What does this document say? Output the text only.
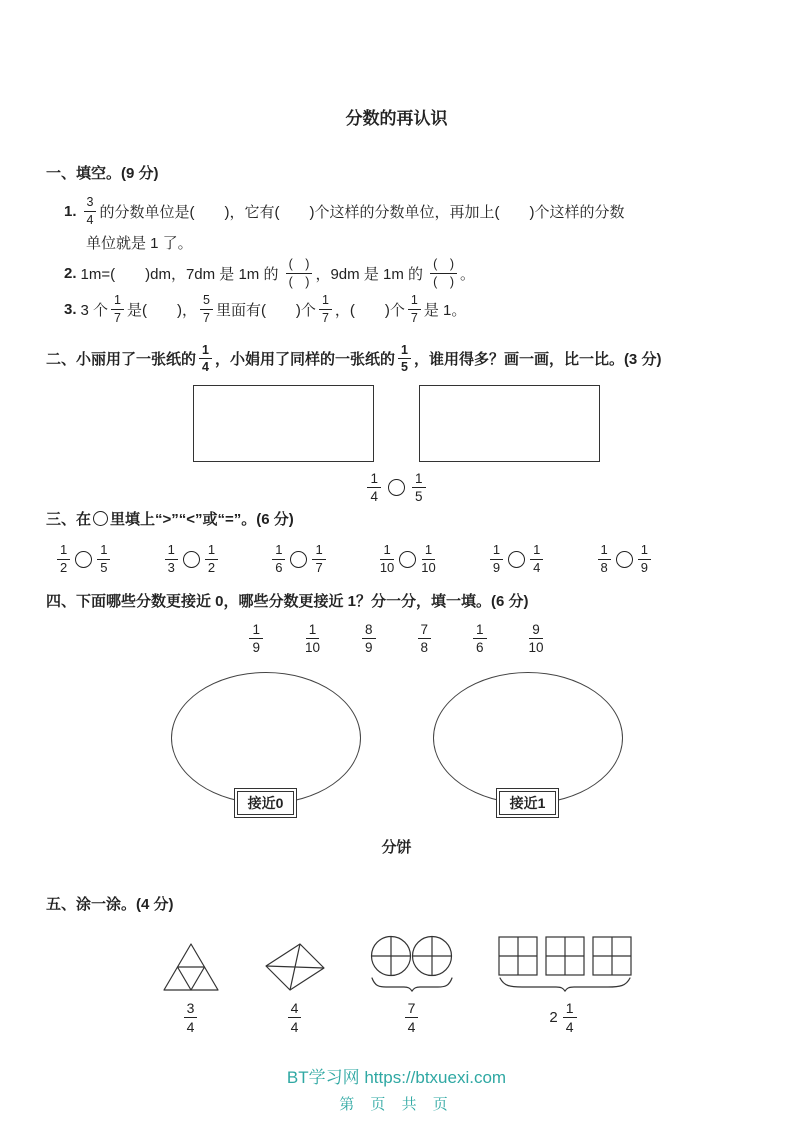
分数的再认识
一、填空。(9 分)
1. $\frac{3}{4}$ 的分数单位是(　　)，它有(　　)个这样的分数单位，再加上(　　)个这样的分数
单位就是 1 了。
2. 1m=(　　)dm，7dm 是 1m 的 $\frac{( )}{( )}$ ，9dm 是 1m 的 $\frac{( )}{( )}$ 。
3. 3 个 $\frac{1}{7}$ 是(　　)， $\frac{5}{7}$ 里面有(　　)个 $\frac{1}{7}$ ，(　　)个 $\frac{1}{7}$ 是 1。
二、小丽用了一张纸的 $\frac{1}{4}$ ，小娟用了同样的一张纸的 $\frac{1}{5}$ ，谁用得多？画一画，比一比。(3 分)
$\frac{1}{4} \frac{1}{5}$
三、在 里填上“>”“<”或“=”。(6 分)
$\frac{1}{2} \frac{1}{5}$	$\frac{1}{3} \frac{1}{2}$	$\frac{1}{6} \frac{1}{7}$	$\frac{1}{10} \frac{1}{10}$	$\frac{1}{9} \frac{1}{4}$	$\frac{1}{8} \frac{1}{9}$
四、下面哪些分数更接近 0，哪些分数更接近 1？分一分，填一填。(6 分)
$\frac{1}{9}$	$\frac{1}{10}$	$\frac{8}{9}$	$\frac{7}{8}$	$\frac{1}{6}$	$\frac{9}{10}$
接近0	接近1
分饼
五、涂一涂。(4 分)
$\frac{3}{4}$	$\frac{4}{4}$	$\frac{7}{4}$	$2 \frac{1}{4}$
BT学习网 https://btxuexi.com
第 页 共 页
